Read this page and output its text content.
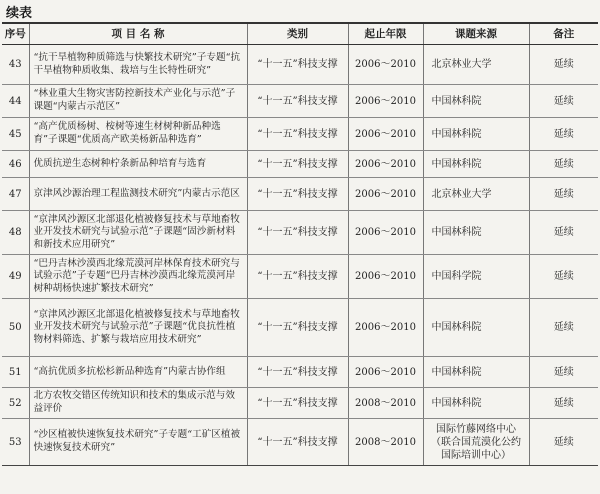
续表
序号	项 目 名 称	类别	起止年限	课题来源	备注
43	“抗干旱植物种质筛选与快繁技术研究”子专题“抗干旱植物种质收集、栽培与生长特性研究”	“十一五”科技支撑	2006～2010	北京林业大学	延续
44	“林业重大生物灾害防控新技术产业化与示范”子课题“内蒙古示范区”	“十一五”科技支撑	2006～2010	中国林科院	延续
45	“高产优质杨树、桉树等速生材树种新品种选育”子课题“优质高产欧美杨新品种选育”	“十一五”科技支撑	2006～2010	中国林科院	延续
46	优质抗逆生态树种柠条新品种培育与选育	“十一五”科技支撑	2006～2010	中国林科院	延续
47	京津风沙源治理工程监测技术研究”内蒙古示范区	“十一五”科技支撑	2006～2010	北京林业大学	延续
48	“京津风沙源区北部退化植被修复技术与草地畜牧业开发技术研究与试验示范”子课题“固沙新材料和新技术应用研究”	“十一五”科技支撑	2006～2010	中国林科院	延续
49	“巴丹吉林沙漠西北缘荒漠河岸林保育技术研究与试验示范”子专题“巴丹吉林沙漠西北缘荒漠河岸树种胡杨快速扩繁技术研究”	“十一五”科技支撑	2006～2010	中国科学院	延续
50	“京津风沙源区北部退化植被修复技术与草地畜牧业开发技术研究与试验示范”子课题“优良抗性植物材料筛选、扩繁与栽培应用技术研究”	“十一五”科技支撑	2006～2010	中国林科院	延续
51	“高抗优质多抗松杉新品种选育”内蒙古协作组	“十一五”科技支撑	2006～2010	中国林科院	延续
52	北方农牧交错区传统知识和技术的集成示范与效益评价	“十一五”科技支撑	2008～2010	中国林科院	延续
53	“沙区植被快速恢复技术研究”子专题“工矿区植被快速恢复技术研究”	“十一五”科技支撑	2008～2010	国际竹藤网络中心（联合国荒漠化公约国际培训中心）	延续
